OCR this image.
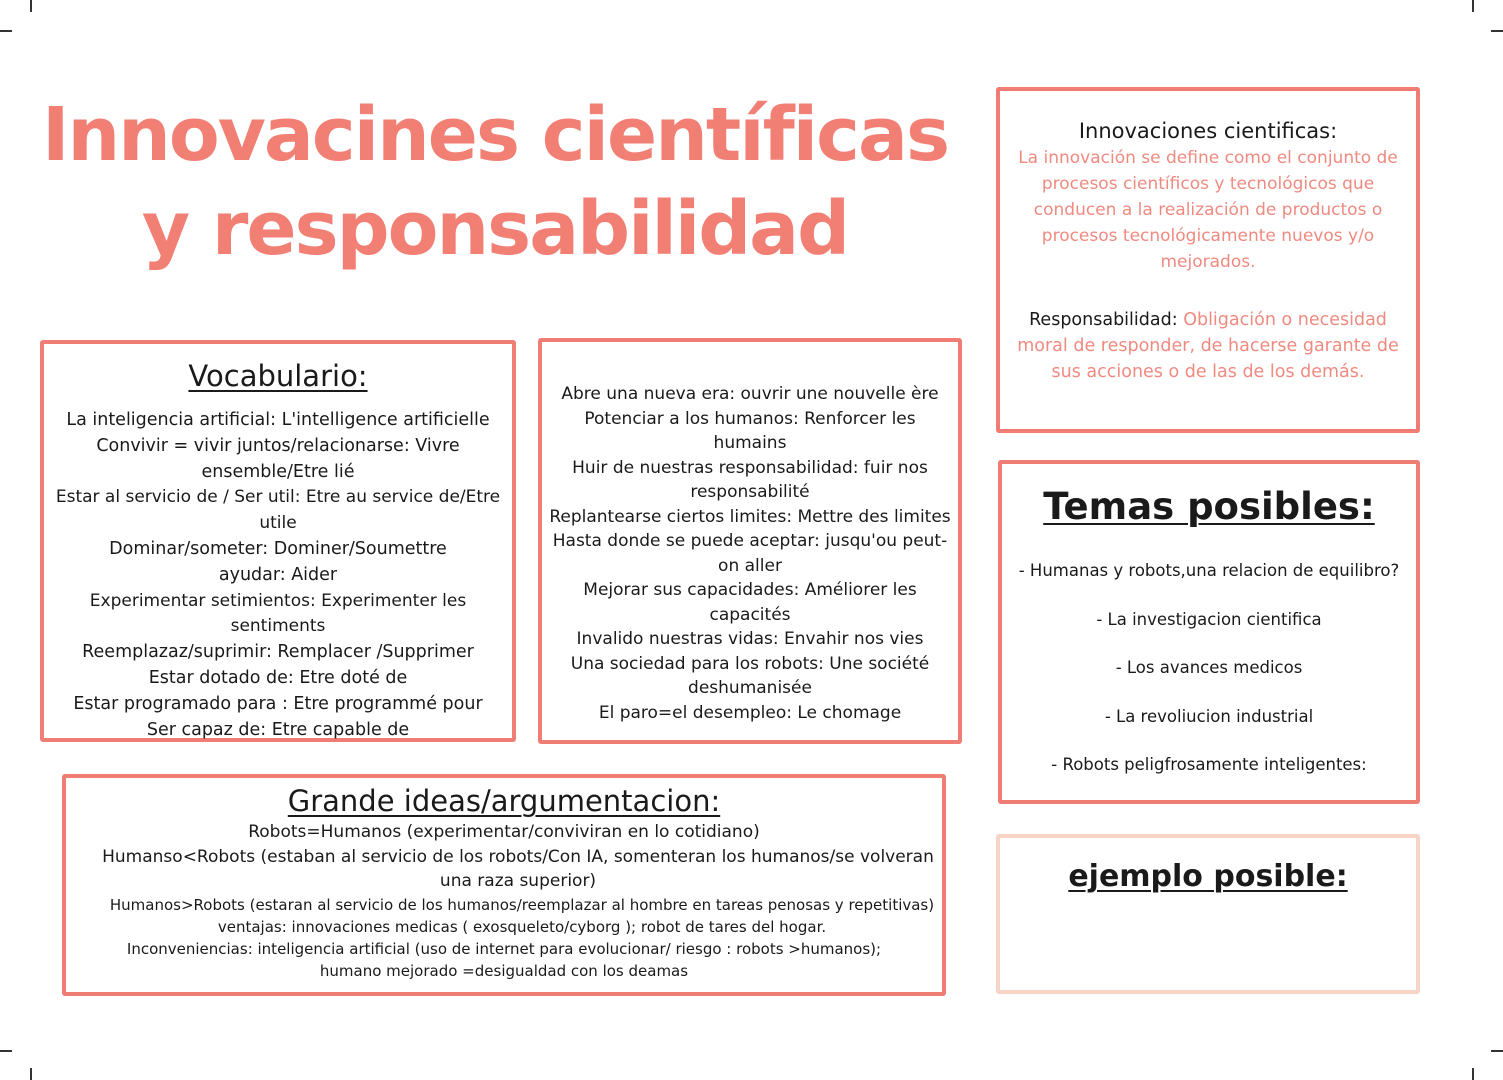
Innovacines científicas y responsabilidad
Vocabulario:
La inteligencia artificial: L'intelligence artificielle
Convivir = vivir juntos/relacionarse: Vivre ensemble/Etre lié
Estar al servicio de / Ser util: Etre au service de/Etre utile
Dominar/someter: Dominer/Soumettre
ayudar: Aider
Experimentar setimientos: Experimenter les sentiments
Reemplazaz/suprimir: Remplacer /Supprimer
Estar dotado de: Etre doté de
Estar programado para : Etre programmé pour
Ser capaz de: Etre capable de
Abre una nueva era: ouvrir une nouvelle ère
Potenciar a los humanos: Renforcer les humains
Huir de nuestras responsabilidad: fuir nos responsabilité
Replantearse ciertos limites: Mettre des limites
Hasta donde se puede aceptar: jusqu'ou peut-on aller
Mejorar sus capacidades: Améliorer les capacités
Invalido nuestras vidas: Envahir nos vies
Una sociedad para los robots: Une société deshumanisée
El paro=el desempleo: Le chomage
Innovaciones cientificas:
La innovación se define como el conjunto de procesos científicos y tecnológicos que conducen a la realización de productos o procesos tecnológicamente nuevos y/o mejorados.
Responsabilidad: Obligación o necesidad moral de responder, de hacerse garante de sus acciones o de las de los demás.
Temas posibles:
- Humanas y robots,una relacion de equilibro?
- La investigacion cientifica
- Los avances medicos
- La revoliucion industrial
- Robots peligfrosamente inteligentes:
Grande ideas/argumentacion:
Robots=Humanos (experimentar/conviviran en lo cotidiano)
Humanso<Robots (estaban al servicio de los robots/Con IA, somenteran los humanos/se volveran una raza superior)
Humanos>Robots (estaran al servicio de los humanos/reemplazar al hombre en tareas penosas y repetitivas) ventajas: innovaciones medicas ( exosqueleto/cyborg ); robot de tares del hogar.
Inconveniencias: inteligencia artificial (uso de internet para evolucionar/ riesgo : robots >humanos); humano mejorado =desigualdad con los deamas
ejemplo posible:
